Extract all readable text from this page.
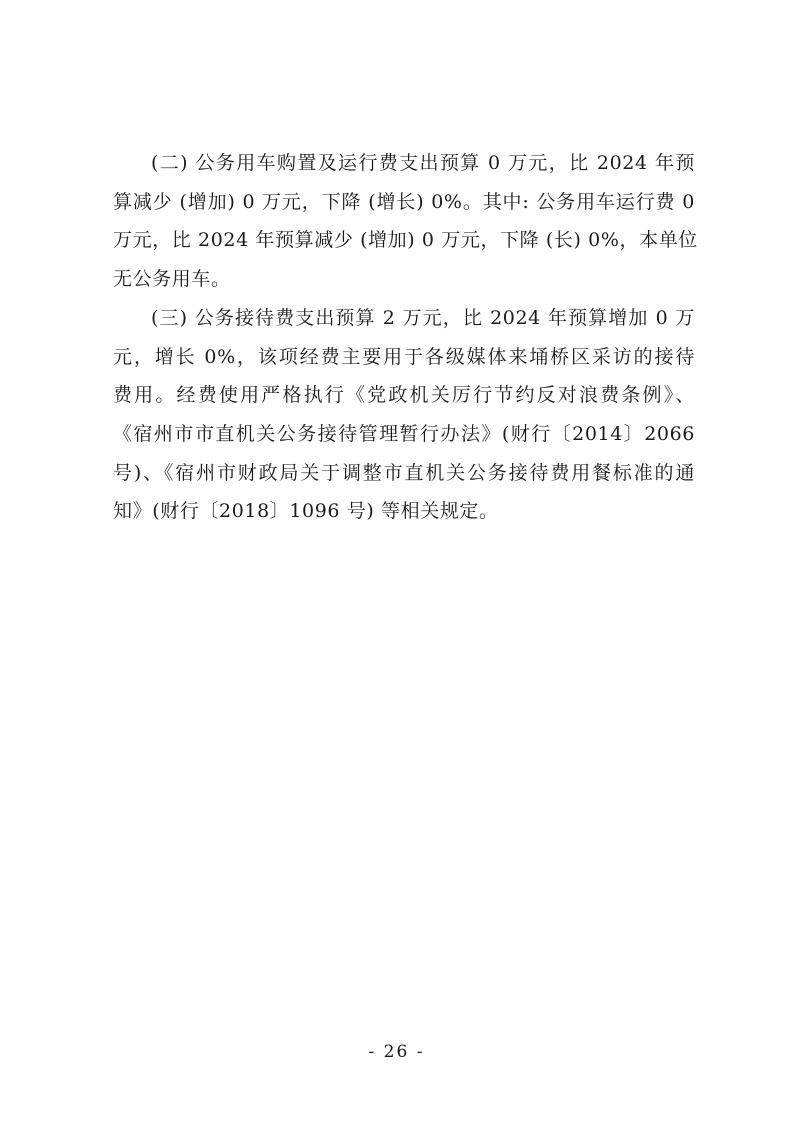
(二) 公务用车购置及运行费支出预算 0 万元，比 2024 年预
算减少 (增加) 0 万元，下降 (增长) 0%。其中: 公务用车运行费 0
万元，比 2024 年预算减少 (增加) 0 万元，下降 (长) 0%，本单位
无公务用车。

(三) 公务接待费支出预算 2 万元，比 2024 年预算增加 0 万
元，增长 0%，该项经费主要用于各级媒体来埇桥区采访的接待
费用。经费使用严格执行《党政机关厉行节约反对浪费条例》、
《宿州市市直机关公务接待管理暂行办法》(财行〔2014〕2066
号)、《宿州市财政局关于调整市直机关公务接待费用餐标准的通
知》(财行〔2018〕1096 号) 等相关规定。

- 26 -
